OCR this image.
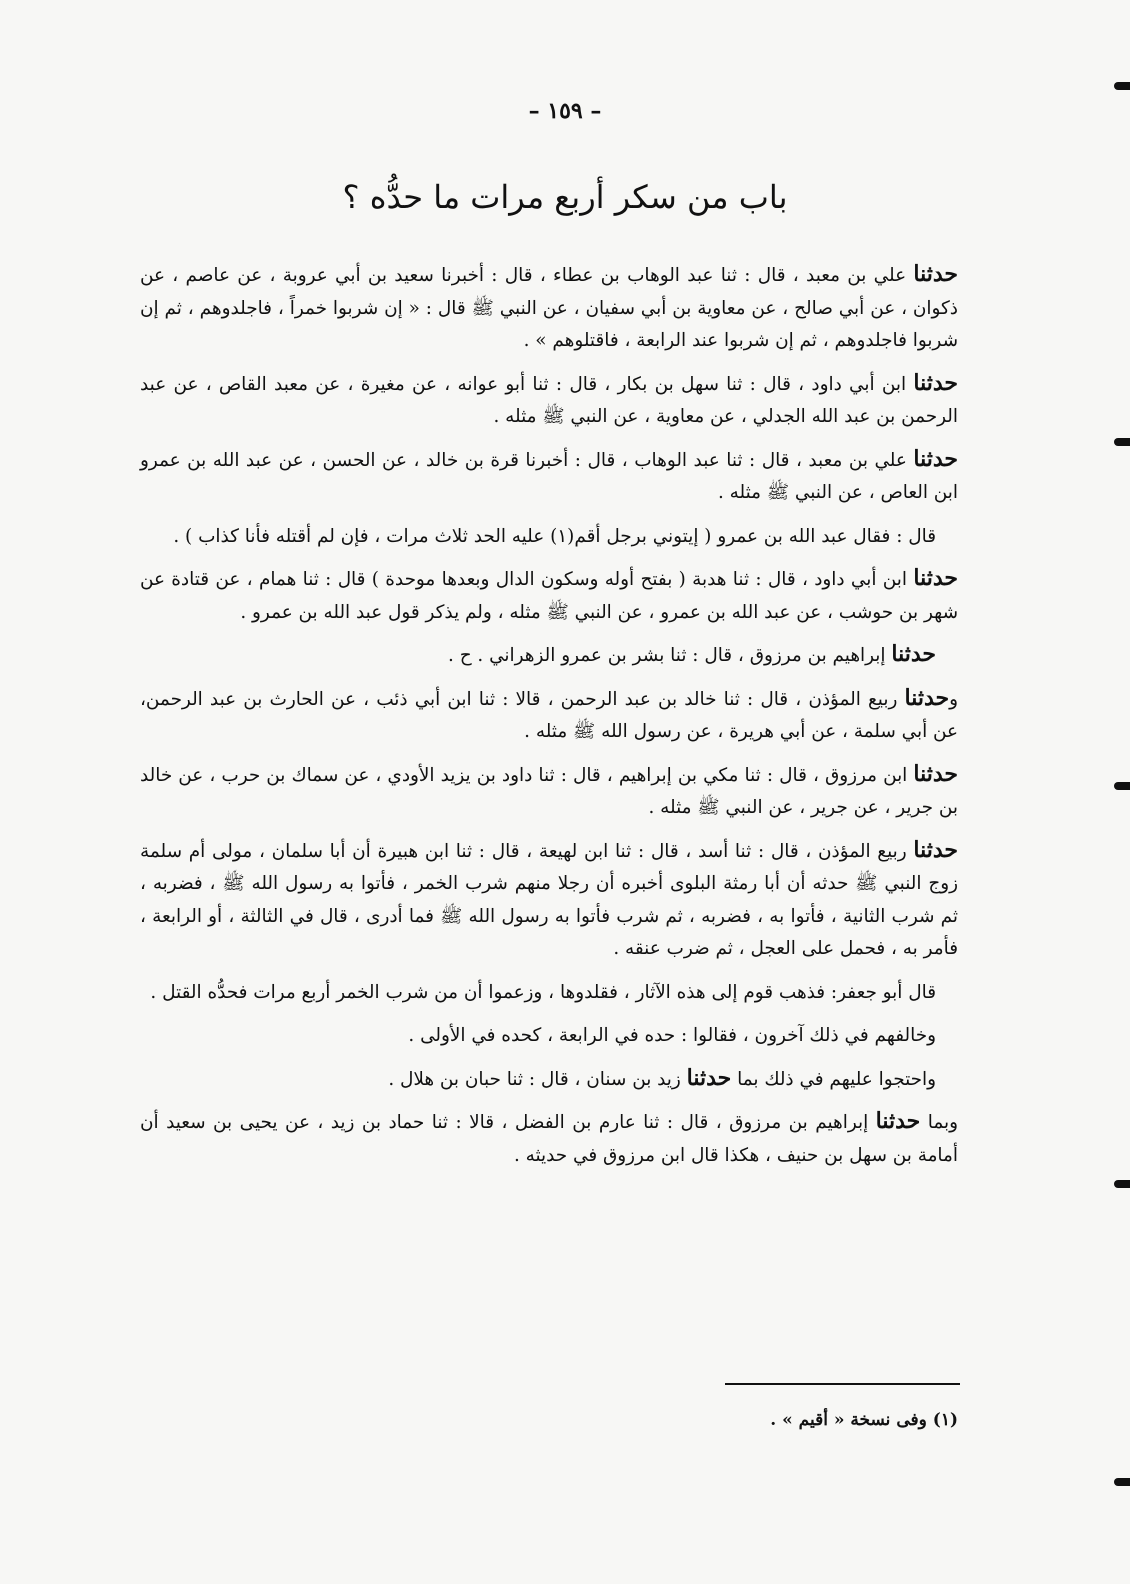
– ١٥٩ –
باب من سكر أربع مرات ما حدُّه ؟

حدثنا علي بن معبد ، قال : ثنا عبد الوهاب بن عطاء ، قال : أخبرنا سعيد بن أبي عروبة ، عن عاصم ، عن ذكوان ، عن أبي صالح ، عن معاوية بن أبي سفيان ، عن النبي ﷺ قال : « إن شربوا خمراً ، فاجلدوهم ، ثم إن شربوا فاجلدوهم ، ثم إن شربوا عند الرابعة ، فاقتلوهم » .

حدثنا ابن أبي داود ، قال : ثنا سهل بن بكار ، قال : ثنا أبو عوانه ، عن مغيرة ، عن معبد القاص ، عن عبد الرحمن بن عبد الله الجدلي ، عن معاوية ، عن النبي ﷺ مثله .

حدثنا علي بن معبد ، قال : ثنا عبد الوهاب ، قال : أخبرنا قرة بن خالد ، عن الحسن ، عن عبد الله بن عمرو ابن العاص ، عن النبي ﷺ مثله .

قال : فقال عبد الله بن عمرو ( إيتوني برجل أقم(١) عليه الحد ثلاث مرات ، فإن لم أقتله فأنا كذاب ) .

حدثنا ابن أبي داود ، قال : ثنا هدبة ( بفتح أوله وسكون الدال وبعدها موحدة ) قال : ثنا همام ، عن قتادة عن شهر بن حوشب ، عن عبد الله بن عمرو ، عن النبي ﷺ مثله ، ولم يذكر قول عبد الله بن عمرو .

حدثنا إبراهيم بن مرزوق ، قال : ثنا بشر بن عمرو الزهراني . ح .

وحدثنا ربيع المؤذن ، قال : ثنا خالد بن عبد الرحمن ، قالا : ثنا ابن أبي ذئب ، عن الحارث بن عبد الرحمن، عن أبي سلمة ، عن أبي هريرة ، عن رسول الله ﷺ مثله .

حدثنا ابن مرزوق ، قال : ثنا مكي بن إبراهيم ، قال : ثنا داود بن يزيد الأودي ، عن سماك بن حرب ، عن خالد بن جرير ، عن جرير ، عن النبي ﷺ مثله .

حدثنا ربيع المؤذن ، قال : ثنا أسد ، قال : ثنا ابن لهيعة ، قال : ثنا ابن هبيرة أن أبا سلمان ، مولى أم سلمة زوج النبي ﷺ حدثه أن أبا رمثة البلوى أخبره أن رجلا منهم شرب الخمر ، فأتوا به رسول الله ﷺ ، فضربه ، ثم شرب الثانية ، فأتوا به ، فضربه ، ثم شرب فأتوا به رسول الله ﷺ فما أدرى ، قال في الثالثة ، أو الرابعة ، فأمر به ، فحمل على العجل ، ثم ضرب عنقه .

قال أبو جعفر: فذهب قوم إلى هذه الآثار ، فقلدوها ، وزعموا أن من شرب الخمر أربع مرات فحدُّه القتل .

وخالفهم في ذلك آخرون ، فقالوا : حده في الرابعة ، كحده في الأولى .

واحتجوا عليهم في ذلك بما حدثنا زيد بن سنان ، قال : ثنا حبان بن هلال .

وبما حدثنا إبراهيم بن مرزوق ، قال : ثنا عارم بن الفضل ، قالا : ثنا حماد بن زيد ، عن يحيى بن سعيد أن أمامة بن سهل بن حنيف ، هكذا قال ابن مرزوق في حديثه .

(١) وفى نسخة « أقيم » .
